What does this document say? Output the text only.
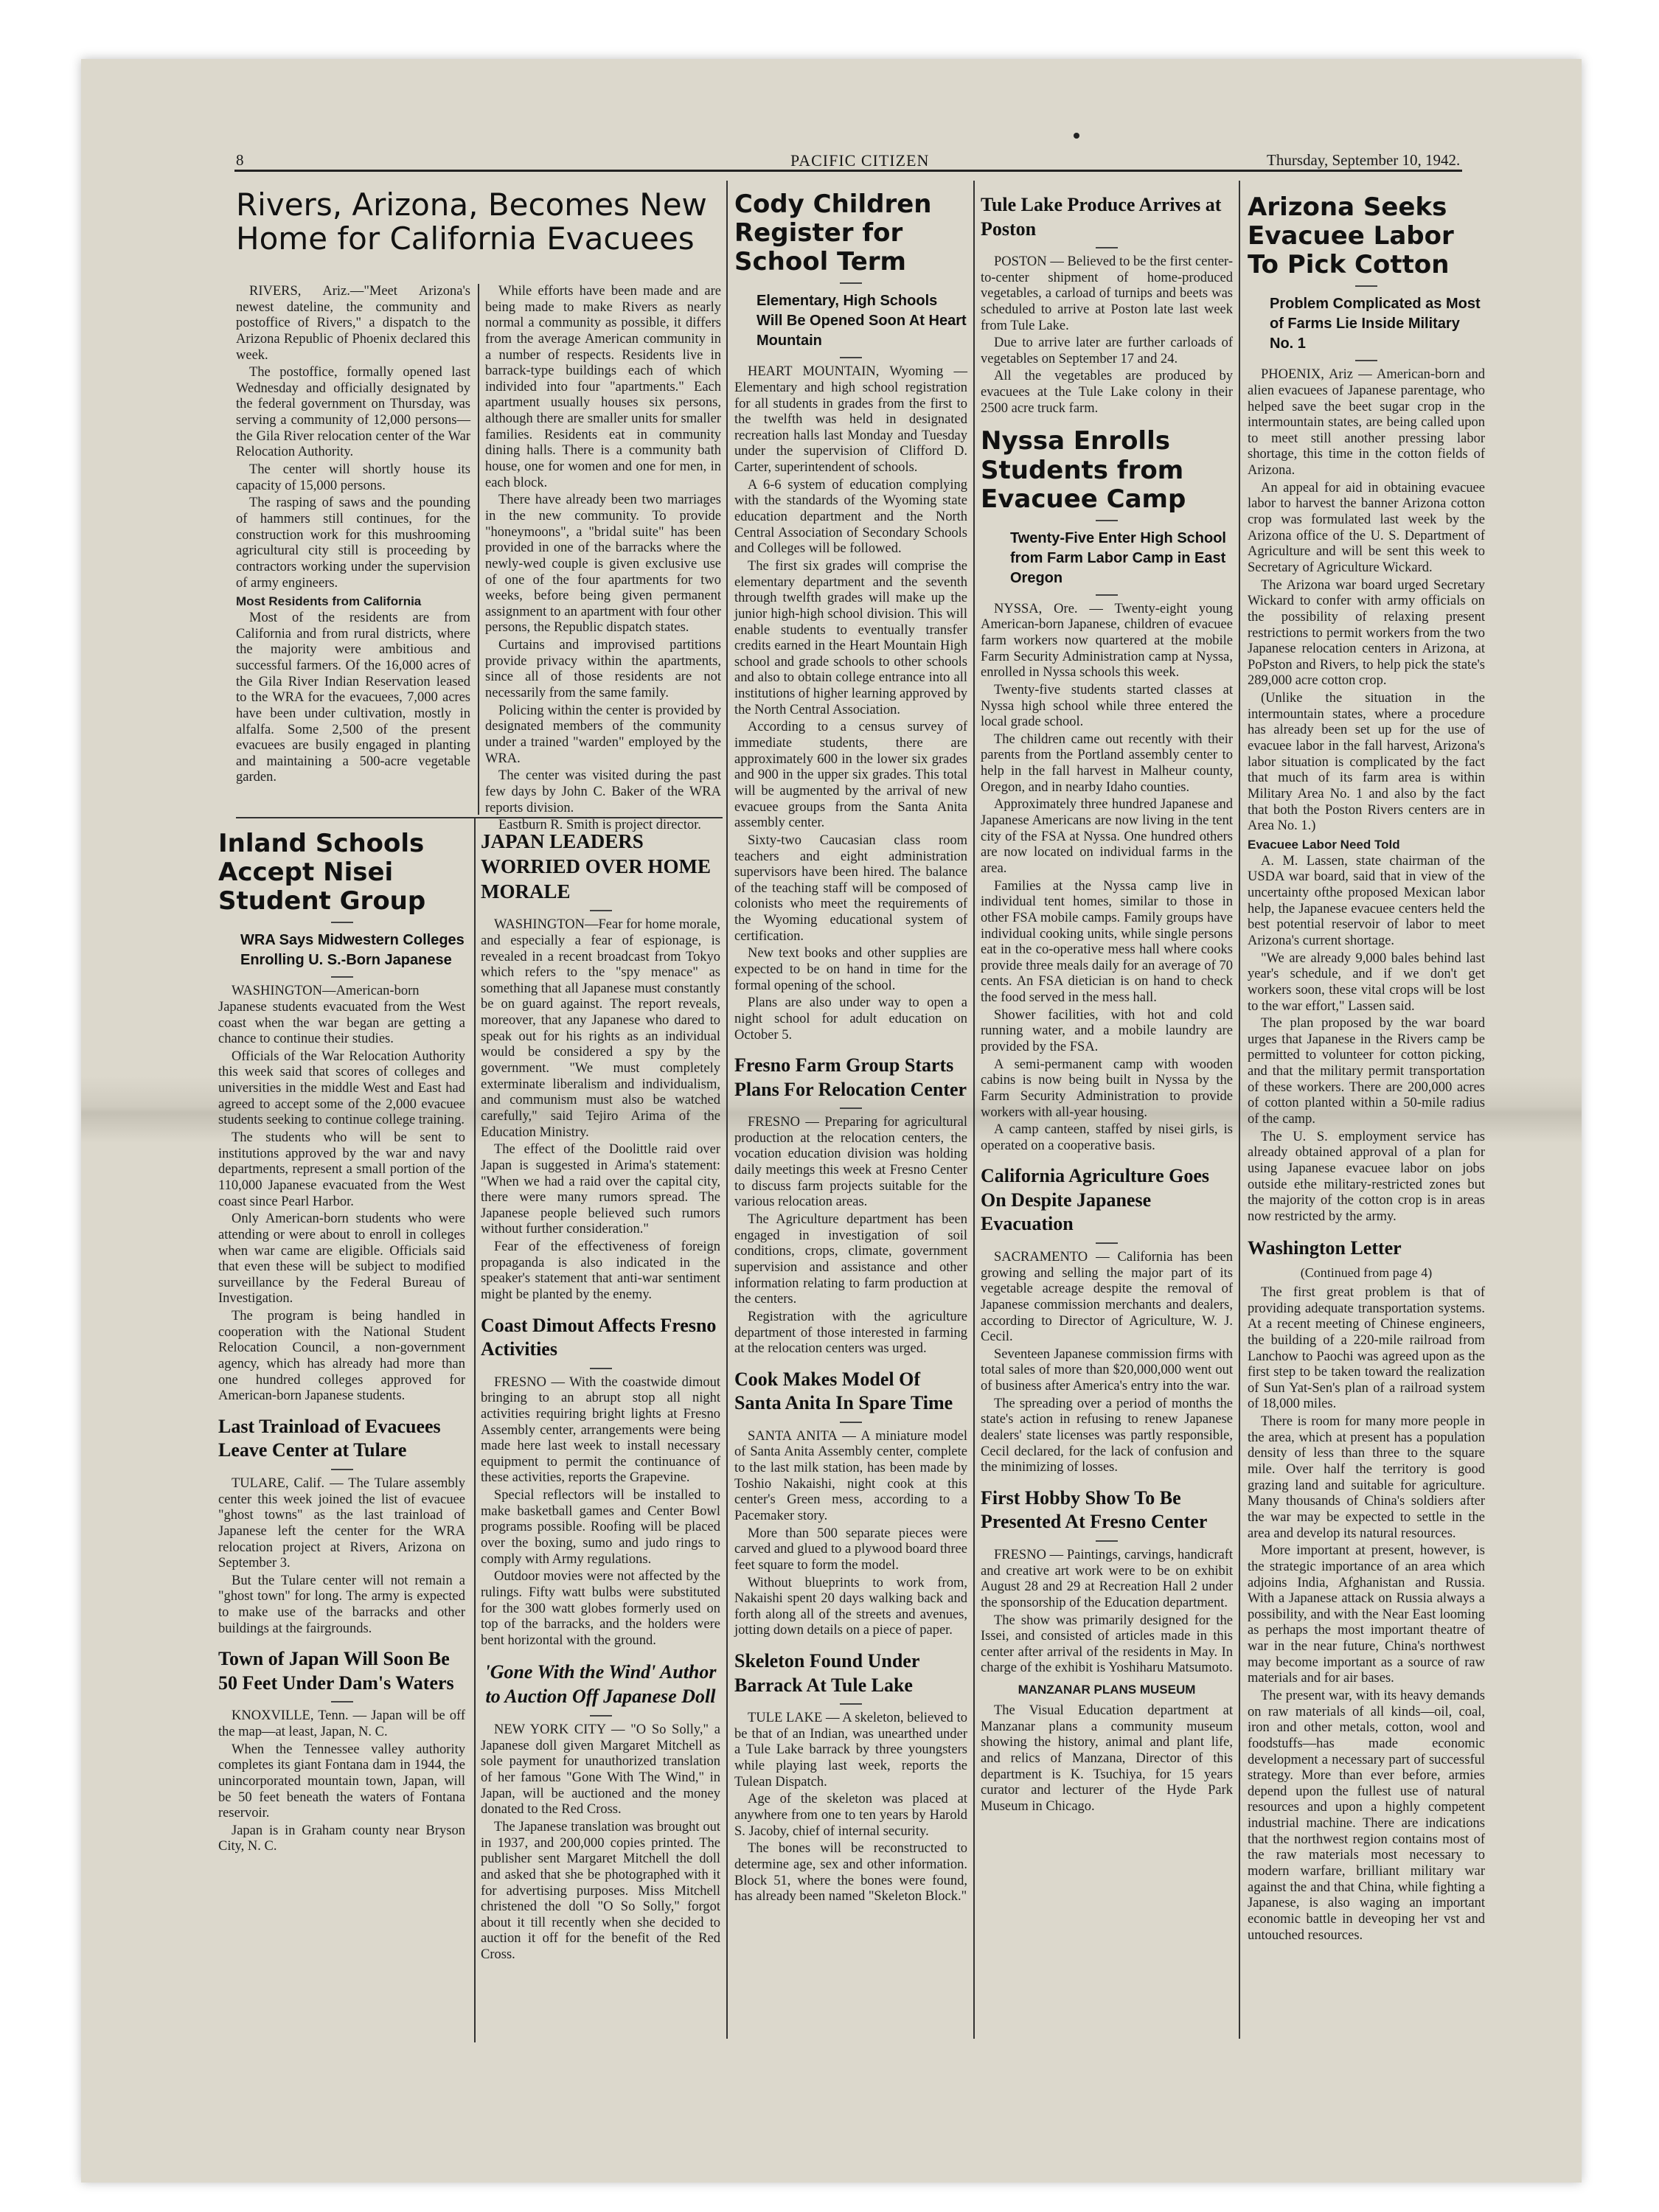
8	PACIFIC CITIZEN	Thursday, September 10, 1942.
Rivers, Arizona, Becomes New Home for California Evacuees

RIVERS, Ariz.—"Meet Arizona's newest dateline, the community and postoffice of Rivers," a dispatch to the Arizona Republic of Phoenix declared this week.

The postoffice, formally opened last Wednesday and officially designated by the federal government on Thursday, was serving a community of 12,000 persons—the Gila River relocation center of the War Relocation Authority.

The center will shortly house its capacity of 15,000 persons.

The rasping of saws and the pounding of hammers still continues, for the construction work for this mushrooming agricultural city still is proceeding by contractors working under the supervision of army engineers.

Most Residents from California

Most of the residents are from California and from rural districts, where the majority were ambitious and successful farmers. Of the 16,000 acres of the Gila River Indian Reservation leased to the WRA for the evacuees, 7,000 acres have been under cultivation, mostly in alfalfa. Some 2,500 of the present evacuees are busily engaged in planting and maintaining a 500-acre vegetable garden.

While efforts have been made and are being made to make Rivers as nearly normal a community as possible, it differs from the average American community in a number of respects. Residents live in barrack-type buildings each of which individed into four "apartments." Each apartment usually houses six persons, although there are smaller units for smaller families. Residents eat in community dining halls. There is a community bath house, one for women and one for men, in each block.

There have already been two marriages in the new community. To provide "honeymoons", a "bridal suite" has been provided in one of the barracks where the newly-wed couple is given exclusive use of one of the four apartments for two weeks, before being given permanent assignment to an apartment with four other persons, the Republic dispatch states.

Curtains and improvised partitions provide privacy within the apartments, since all of those residents are not necessarily from the same family.

Policing within the center is provided by designated members of the community under a trained "warden" employed by the WRA.

The center was visited during the past few days by John C. Baker of the WRA reports division.

Eastburn R. Smith is project director.

Inland Schools Accept Nisei Student Group
WRA Says Midwestern Colleges Enrolling U. S.-Born Japanese

WASHINGTON—American-born Japanese students evacuated from the West coast when the war began are getting a chance to continue their studies.

Officials of the War Relocation Authority this week said that scores of colleges and universities in the middle West and East had agreed to accept some of the 2,000 evacuee students seeking to continue college training.

The students who will be sent to institutions approved by the war and navy departments, represent a small portion of the 110,000 Japanese evacuated from the West coast since Pearl Harbor.

Only American-born students who were attending or were about to enroll in colleges when war came are eligible. Officials said that even these will be subject to modified surveillance by the Federal Bureau of Investigation.

The program is being handled in cooperation with the National Student Relocation Council, a non-government agency, which has already had more than one hundred colleges approved for American-born Japanese students.

Last Trainload of Evacuees Leave Center at Tulare

TULARE, Calif. — The Tulare assembly center this week joined the list of evacuee "ghost towns" as the last trainload of Japanese left the center for the WRA relocation project at Rivers, Arizona on September 3.

But the Tulare center will not remain a "ghost town" for long. The army is expected to make use of the barracks and other buildings at the fairgrounds.

Town of Japan Will Soon Be 50 Feet Under Dam's Waters

KNOXVILLE, Tenn. — Japan will be off the map—at least, Japan, N. C.

When the Tennessee valley authority completes its giant Fontana dam in 1944, the unincorporated mountain town, Japan, will be 50 feet beneath the waters of Fontana reservoir.

Japan is in Graham county near Bryson City, N. C.

JAPAN LEADERS WORRIED OVER HOME MORALE

WASHINGTON—Fear for home morale, and especially a fear of espionage, is revealed in a recent broadcast from Tokyo which refers to the "spy menace" as something that all Japanese must constantly be on guard against. The report reveals, moreover, that any Japanese who dared to speak out for his rights as an individual would be considered a spy by the government. "We must completely exterminate liberalism and individualism, and communism must also be watched carefully," said Tejiro Arima of the Education Ministry.

The effect of the Doolittle raid over Japan is suggested in Arima's statement: "When we had a raid over the capital city, there were many rumors spread. The Japanese people believed such rumors without further consideration."

Fear of the effectiveness of foreign propaganda is also indicated in the speaker's statement that anti-war sentiment might be planted by the enemy.

Coast Dimout Affects Fresno Activities

FRESNO — With the coastwide dimout bringing to an abrupt stop all night activities requiring bright lights at Fresno Assembly center, arrangements were being made here last week to install necessary equipment to permit the continuance of these activities, reports the Grapevine.

Special reflectors will be installed to make basketball games and Center Bowl programs possible. Roofing will be placed over the boxing, sumo and judo rings to comply with Army regulations.

Outdoor movies were not affected by the rulings. Fifty watt bulbs were substituted for the 300 watt globes formerly used on top of the barracks, and the holders were bent horizontal with the ground.

'Gone With the Wind' Author to Auction Off Japanese Doll

NEW YORK CITY — "O So Solly," a Japanese doll given Margaret Mitchell as sole payment for unauthorized translation of her famous "Gone With The Wind," in Japan, will be auctioned and the money donated to the Red Cross.

The Japanese translation was brought out in 1937, and 200,000 copies printed. The publisher sent Margaret Mitchell the doll and asked that she be photographed with it for advertising purposes. Miss Mitchell christened the doll "O So Solly," forgot about it till recently when she decided to auction it off for the benefit of the Red Cross.

Cody Children Register for School Term
Elementary, High Schools Will Be Opened Soon At Heart Mountain

HEART MOUNTAIN, Wyoming —Elementary and high school registration for all students in grades from the first to the twelfth was held in designated recreation halls last Monday and Tuesday under the supervision of Clifford D. Carter, superintendent of schools.

A 6-6 system of education complying with the standards of the Wyoming state education department and the North Central Association of Secondary Schools and Colleges will be followed.

The first six grades will comprise the elementary department and the seventh through twelfth grades will make up the junior high-high school division. This will enable students to eventually transfer credits earned in the Heart Mountain High school and grade schools to other schools and also to obtain college entrance into all institutions of higher learning approved by the North Central Association.

According to a census survey of immediate students, there are approximately 600 in the lower six grades and 900 in the upper six grades. This total will be augmented by the arrival of new evacuee groups from the Santa Anita assembly center.

Sixty-two Caucasian class room teachers and eight administration supervisors have been hired. The balance of the teaching staff will be composed of colonists who meet the requirements of the Wyoming educational system of certification.

New text books and other supplies are expected to be on hand in time for the formal opening of the school.

Plans are also under way to open a night school for adult education on October 5.

Fresno Farm Group Starts Plans For Relocation Center

FRESNO — Preparing for agricultural production at the relocation centers, the vocation education division was holding daily meetings this week at Fresno Center to discuss farm projects suitable for the various relocation areas.

The Agriculture department has been engaged in investigation of soil conditions, crops, climate, government supervision and assistance and other information relating to farm production at the centers.

Registration with the agriculture department of those interested in farming at the relocation centers was urged.

Cook Makes Model Of Santa Anita In Spare Time

SANTA ANITA — A miniature model of Santa Anita Assembly center, complete to the last milk station, has been made by Toshio Nakaishi, night cook at this center's Green mess, according to a Pacemaker story.

More than 500 separate pieces were carved and glued to a plywood board three feet square to form the model.

Without blueprints to work from, Nakaishi spent 20 days walking back and forth along all of the streets and avenues, jotting down details on a piece of paper.

Skeleton Found Under Barrack At Tule Lake

TULE LAKE — A skeleton, believed to be that of an Indian, was unearthed under a Tule Lake barrack by three youngsters while playing last week, reports the Tulean Dispatch.

Age of the skeleton was placed at anywhere from one to ten years by Harold S. Jacoby, chief of internal security.

The bones will be reconstructed to determine age, sex and other information. Block 51, where the bones were found, has already been named "Skeleton Block."

Tule Lake Produce Arrives at Poston

POSTON — Believed to be the first center-to-center shipment of home-produced vegetables, a carload of turnips and beets was scheduled to arrive at Poston late last week from Tule Lake.

Due to arrive later are further carloads of vegetables on September 17 and 24.

All the vegetables are produced by evacuees at the Tule Lake colony in their 2500 acre truck farm.

Nyssa Enrolls Students from Evacuee Camp
Twenty-Five Enter High School from Farm Labor Camp in East Oregon

NYSSA, Ore. — Twenty-eight young American-born Japanese, children of evacuee farm workers now quartered at the mobile Farm Security Administration camp at Nyssa, enrolled in Nyssa schools this week.

Twenty-five students started classes at Nyssa high school while three entered the local grade school.

The children came out recently with their parents from the Portland assembly center to help in the fall harvest in Malheur county, Oregon, and in nearby Idaho counties.

Approximately three hundred Japanese and Japanese Americans are now living in the tent city of the FSA at Nyssa. One hundred others are now located on individual farms in the area.

Families at the Nyssa camp live in individual tent homes, similar to those in other FSA mobile camps. Family groups have individual cooking units, while single persons eat in the co-operative mess hall where cooks provide three meals daily for an average of 70 cents. An FSA dietician is on hand to check the food served in the mess hall.

Shower facilities, with hot and cold running water, and a mobile laundry are provided by the FSA.

A semi-permanent camp with wooden cabins is now being built in Nyssa by the Farm Security Administration to provide workers with all-year housing.

A camp canteen, staffed by nisei girls, is operated on a cooperative basis.

California Agriculture Goes On Despite Japanese Evacuation

SACRAMENTO — California has been growing and selling the major part of its vegetable acreage despite the removal of Japanese commission merchants and dealers, according to Director of Agriculture, W. J. Cecil.

Seventeen Japanese commission firms with total sales of more than $20,000,000 went out of business after America's entry into the war.

The spreading over a period of months the state's action in refusing to renew Japanese dealers' state licenses was partly responsible, Cecil declared, for the lack of confusion and the minimizing of losses.

First Hobby Show To Be Presented At Fresno Center

FRESNO — Paintings, carvings, handicraft and creative art work were to be on exhibit August 28 and 29 at Recreation Hall 2 under the sponsorship of the Education department.

The show was primarily designed for the Issei, and consisted of articles made in this center after arrival of the residents in May. In charge of the exhibit is Yoshiharu Matsumoto.

MANZANAR PLANS MUSEUM

The Visual Education department at Manzanar plans a community museum showing the history, animal and plant life, and relics of Manzana, Director of this department is K. Tsuchiya, for 15 years curator and lecturer of the Hyde Park Museum in Chicago.

Arizona Seeks Evacuee Labor To Pick Cotton
Problem Complicated as Most of Farms Lie Inside Military No. 1

PHOENIX, Ariz — American-born and alien evacuees of Japanese parentage, who helped save the beet sugar crop in the intermountain states, are being called upon to meet still another pressing labor shortage, this time in the cotton fields of Arizona.

An appeal for aid in obtaining evacuee labor to harvest the banner Arizona cotton crop was formulated last week by the Arizona office of the U. S. Department of Agriculture and will be sent this week to Secretary of Agriculture Wickard.

The Arizona war board urged Secretary Wickard to confer with army officials on the possibility of relaxing present restrictions to permit workers from the two Japanese relocation centers in Arizona, at PoPston and Rivers, to help pick the state's 289,000 acre cotton crop.

(Unlike the situation in the intermountain states, where a procedure has already been set up for the use of evacuee labor in the fall harvest, Arizona's labor situation is complicated by the fact that much of its farm area is within Military Area No. 1 and also by the fact that both the Poston Rivers centers are in Area No. 1.)

Evacuee Labor Need Told

A. M. Lassen, state chairman of the USDA war board, said that in view of the uncertainty ofthe proposed Mexican labor help, the Japanese evacuee centers held the best potential reservoir of labor to meet Arizona's current shortage.

"We are already 9,000 bales behind last year's schedule, and if we don't get workers soon, these vital crops will be lost to the war effort," Lassen said.

The plan proposed by the war board urges that Japanese in the Rivers camp be permitted to volunteer for cotton picking, and that the military permit transportation of these workers. There are 200,000 acres of cotton planted within a 50-mile radius of the camp.

The U. S. employment service has already obtained approval of a plan for using Japanese evacuee labor on jobs outside ethe military-restricted zones but the majority of the cotton crop is in areas now restricted by the army.

Washington Letter
(Continued from page 4)

The first great problem is that of providing adequate transportation systems. At a recent meeting of Chinese engineers, the building of a 220-mile railroad from Lanchow to Paochi was agreed upon as the first step to be taken toward the realization of Sun Yat-Sen's plan of a railroad system of 18,000 miles.

There is room for many more people in the area, which at present has a population density of less than three to the square mile. Over half the territory is good grazing land and suitable for agriculture. Many thousands of China's soldiers after the war may be expected to settle in the area and develop its natural resources.

More important at present, however, is the strategic importance of an area which adjoins India, Afghanistan and Russia. With a Japanese attack on Russia always a possibility, and with the Near East looming as perhaps the most important theatre of war in the near future, China's northwest may become important as a source of raw materials and for air bases.

The present war, with its heavy demands on raw materials of all kinds—oil, coal, iron and other metals, cotton, wool and foodstuffs—has made economic development a necessary part of successful strategy. More than ever before, armies depend upon the fullest use of natural resources and upon a highly competent industrial machine. There are indications that the northwest region contains most of the raw materials most necessary to modern warfare, brilliant military war against the and that China, while fighting a Japanese, is also waging an important economic battle in deveoping her vst and untouched resources.
